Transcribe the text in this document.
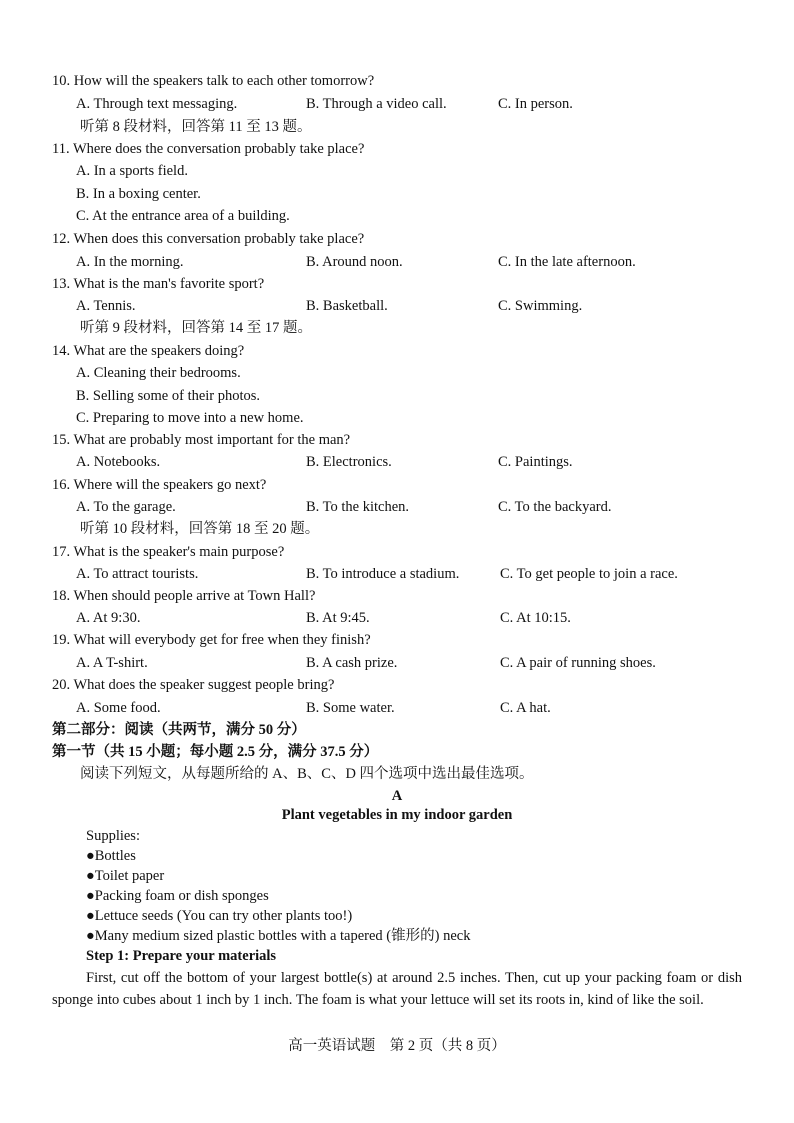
10. How will the speakers talk to each other tomorrow?
A. Through text messaging.	B. Through a video call.	C. In person.
听第 8 段材料，回答第 11 至 13 题。
11. Where does the conversation probably take place?
A. In a sports field.
B. In a boxing center.
C. At the entrance area of a building.
12. When does this conversation probably take place?
A. In the morning.	B. Around noon.	C. In the late afternoon.
13. What is the man's favorite sport?
A. Tennis.	B. Basketball.	C. Swimming.
听第 9 段材料，回答第 14 至 17 题。
14. What are the speakers doing?
A. Cleaning their bedrooms.
B. Selling some of their photos.
C. Preparing to move into a new home.
15. What are probably most important for the man?
A. Notebooks.	B. Electronics.	C. Paintings.
16. Where will the speakers go next?
A. To the garage.	B. To the kitchen.	C. To the backyard.
听第 10 段材料，回答第 18 至 20 题。
17. What is the speaker's main purpose?
A. To attract tourists.	B. To introduce a stadium.	C. To get people to join a race.
18. When should people arrive at Town Hall?
A. At 9:30.	B. At 9:45.	C. At 10:15.
19. What will everybody get for free when they finish?
A. A T-shirt.	B. A cash prize.	C. A pair of running shoes.
20. What does the speaker suggest people bring?
A. Some food.	B. Some water.	C. A hat.
第二部分：阅读（共两节，满分 50 分）
第一节（共 15 小题；每小题 2.5 分，满分 37.5 分）
阅读下列短文，从每题所给的 A、B、C、D 四个选项中选出最佳选项。
A
Plant vegetables in my indoor garden
Supplies:
●Bottles
●Toilet paper
●Packing foam or dish sponges
●Lettuce seeds (You can try other plants too!)
●Many medium sized plastic bottles with a tapered (锥形的) neck
Step 1: Prepare your materials
First, cut off the bottom of your largest bottle(s) at around 2.5 inches. Then, cut up your packing foam or dish sponge into cubes about 1 inch by 1 inch. The foam is what your lettuce will set its roots in, kind of like the soil.
高一英语试题　第 2 页（共 8 页）
